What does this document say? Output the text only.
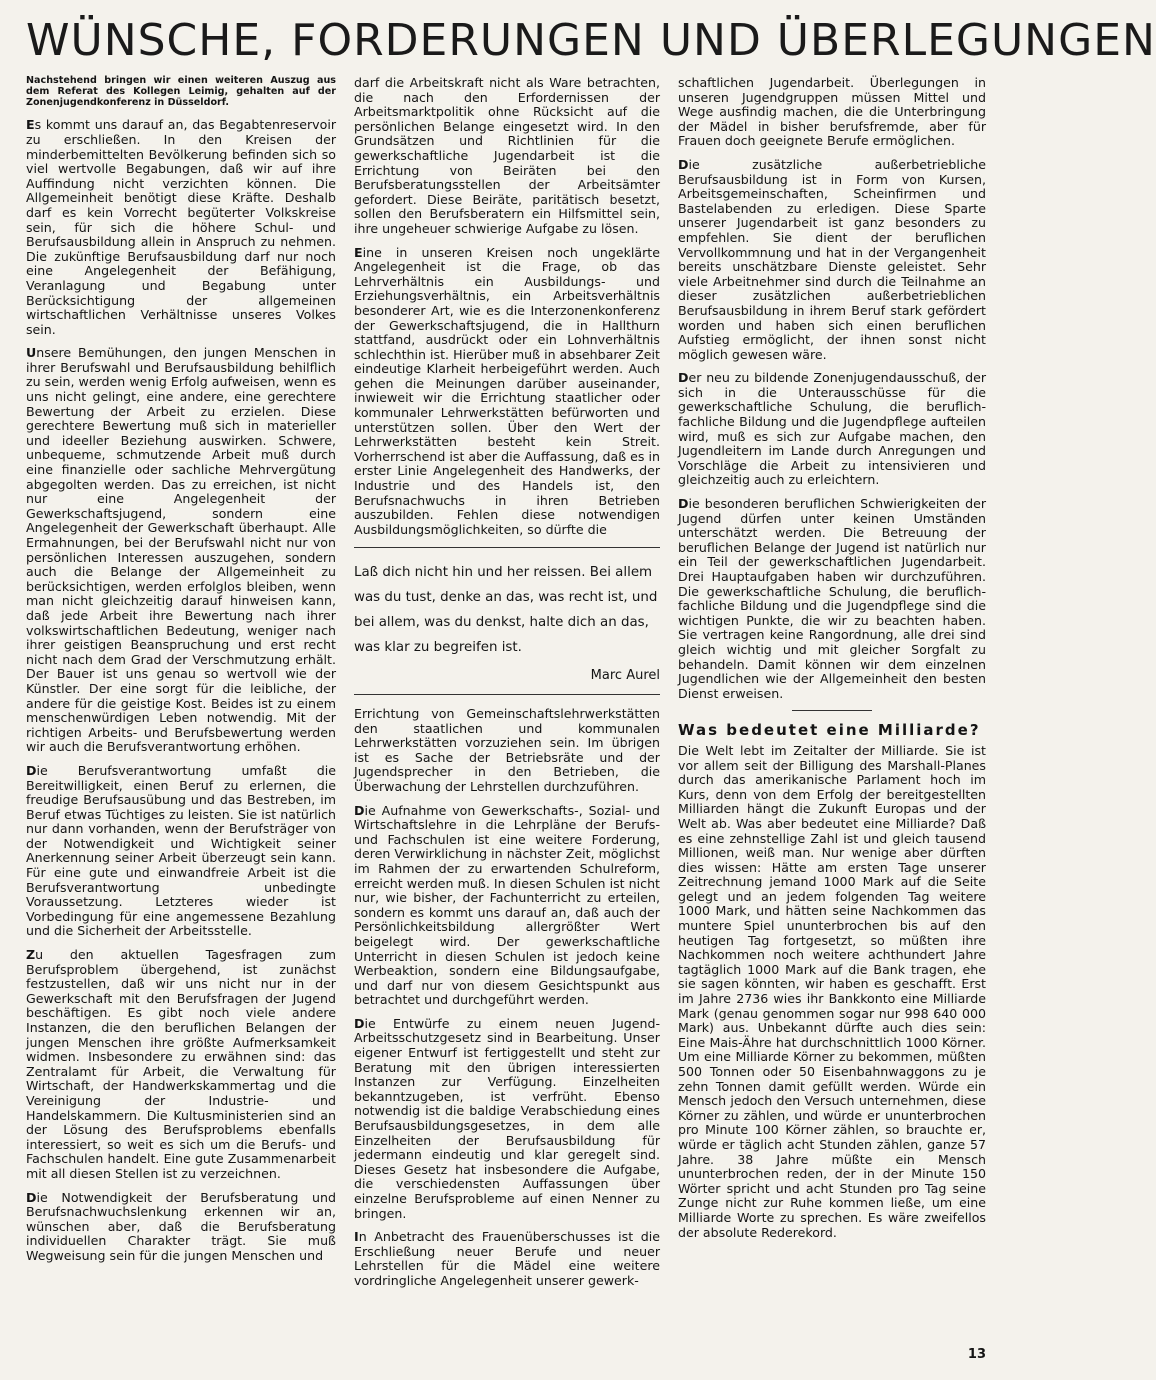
WÜNSCHE, FORDERUNGEN UND ÜBERLEGUNGEN

Nachstehend bringen wir einen weiteren Auszug aus dem Referat des Kollegen Leimig, gehalten auf der Zonenjugendkonferenz in Düsseldorf.

Es kommt uns darauf an, das Begabtenreservoir zu erschließen. In den Kreisen der minderbemittelten Bevölkerung befinden sich so viel wertvolle Begabungen, daß wir auf ihre Auffindung nicht verzichten können. Die Allgemeinheit benötigt diese Kräfte. Deshalb darf es kein Vorrecht begüterter Volkskreise sein, für sich die höhere Schul- und Berufsausbildung allein in Anspruch zu nehmen. Die zukünftige Berufsausbildung darf nur noch eine Angelegenheit der Befähigung, Veranlagung und Begabung unter Berücksichtigung der allgemeinen wirtschaftlichen Verhältnisse unseres Volkes sein.

Unsere Bemühungen, den jungen Menschen in ihrer Berufswahl und Berufsausbildung behilflich zu sein, werden wenig Erfolg aufweisen, wenn es uns nicht gelingt, eine andere, eine gerechtere Bewertung der Arbeit zu erzielen. Diese gerechtere Bewertung muß sich in materieller und ideeller Beziehung auswirken. Schwere, unbequeme, schmutzende Arbeit muß durch eine finanzielle oder sachliche Mehrvergütung abgegolten werden. Das zu erreichen, ist nicht nur eine Angelegenheit der Gewerkschaftsjugend, sondern eine Angelegenheit der Gewerkschaft überhaupt. Alle Ermahnungen, bei der Berufswahl nicht nur von persönlichen Interessen auszugehen, sondern auch die Belange der Allgemeinheit zu berücksichtigen, werden erfolglos bleiben, wenn man nicht gleichzeitig darauf hinweisen kann, daß jede Arbeit ihre Bewertung nach ihrer volkswirtschaftlichen Bedeutung, weniger nach ihrer geistigen Beanspruchung und erst recht nicht nach dem Grad der Verschmutzung erhält. Der Bauer ist uns genau so wertvoll wie der Künstler. Der eine sorgt für die leibliche, der andere für die geistige Kost. Beides ist zu einem menschenwürdigen Leben notwendig. Mit der richtigen Arbeits- und Berufsbewertung werden wir auch die Berufsverantwortung erhöhen.

Die Berufsverantwortung umfaßt die Bereitwilligkeit, einen Beruf zu erlernen, die freudige Berufsausübung und das Bestreben, im Beruf etwas Tüchtiges zu leisten. Sie ist natürlich nur dann vorhanden, wenn der Berufsträger von der Notwendigkeit und Wichtigkeit seiner Anerkennung seiner Arbeit überzeugt sein kann. Für eine gute und einwandfreie Arbeit ist die Berufsverantwortung unbedingte Voraussetzung. Letzteres wieder ist Vorbedingung für eine angemessene Bezahlung und die Sicherheit der Arbeitsstelle.

Zu den aktuellen Tagesfragen zum Berufsproblem übergehend, ist zunächst festzustellen, daß wir uns nicht nur in der Gewerkschaft mit den Berufsfragen der Jugend beschäftigen. Es gibt noch viele andere Instanzen, die den beruflichen Belangen der jungen Menschen ihre größte Aufmerksamkeit widmen. Insbesondere zu erwähnen sind: das Zentralamt für Arbeit, die Verwaltung für Wirtschaft, der Handwerkskammertag und die Vereinigung der Industrie- und Handelskammern. Die Kultusministerien sind an der Lösung des Berufsproblems ebenfalls interessiert, so weit es sich um die Berufs- und Fachschulen handelt. Eine gute Zusammenarbeit mit all diesen Stellen ist zu verzeichnen.

Die Notwendigkeit der Berufsberatung und Berufsnachwuchslenkung erkennen wir an, wünschen aber, daß die Berufsberatung individuellen Charakter trägt. Sie muß Wegweisung sein für die jungen Menschen und

darf die Arbeitskraft nicht als Ware betrachten, die nach den Erfordernissen der Arbeitsmarktpolitik ohne Rücksicht auf die persönlichen Belange eingesetzt wird. In den Grundsätzen und Richtlinien für die gewerkschaftliche Jugendarbeit ist die Errichtung von Beiräten bei den Berufsberatungsstellen der Arbeitsämter gefordert. Diese Beiräte, paritätisch besetzt, sollen den Berufsberatern ein Hilfsmittel sein, ihre ungeheuer schwierige Aufgabe zu lösen.

Eine in unseren Kreisen noch ungeklärte Angelegenheit ist die Frage, ob das Lehrverhältnis ein Ausbildungs- und Erziehungsverhältnis, ein Arbeitsverhältnis besonderer Art, wie es die Interzonenkonferenz der Gewerkschaftsjugend, die in Hallthurn stattfand, ausdrückt oder ein Lohnverhältnis schlechthin ist. Hierüber muß in absehbarer Zeit eindeutige Klarheit herbeigeführt werden. Auch gehen die Meinungen darüber auseinander, inwieweit wir die Errichtung staatlicher oder kommunaler Lehrwerkstätten befürworten und unterstützen sollen. Über den Wert der Lehrwerkstätten besteht kein Streit. Vorherrschend ist aber die Auffassung, daß es in erster Linie Angelegenheit des Handwerks, der Industrie und des Handels ist, den Berufsnachwuchs in ihren Betrieben auszubilden. Fehlen diese notwendigen Ausbildungsmöglichkeiten, so dürfte die

Laß dich nicht hin und her reissen. Bei allem was du tust, denke an das, was recht ist, und bei allem, was du denkst, halte dich an das, was klar zu begreifen ist.

Marc Aurel

Errichtung von Gemeinschaftslehrwerkstätten den staatlichen und kommunalen Lehrwerkstätten vorzuziehen sein. Im übrigen ist es Sache der Betriebsräte und der Jugendsprecher in den Betrieben, die Überwachung der Lehrstellen durchzuführen.

Die Aufnahme von Gewerkschafts-, Sozial- und Wirtschaftslehre in die Lehrpläne der Berufs- und Fachschulen ist eine weitere Forderung, deren Verwirklichung in nächster Zeit, möglichst im Rahmen der zu erwartenden Schulreform, erreicht werden muß. In diesen Schulen ist nicht nur, wie bisher, der Fachunterricht zu erteilen, sondern es kommt uns darauf an, daß auch der Persönlichkeitsbildung allergrößter Wert beigelegt wird. Der gewerkschaftliche Unterricht in diesen Schulen ist jedoch keine Werbeaktion, sondern eine Bildungsaufgabe, und darf nur von diesem Gesichtspunkt aus betrachtet und durchgeführt werden.

Die Entwürfe zu einem neuen Jugend-Arbeitsschutzgesetz sind in Bearbeitung. Unser eigener Entwurf ist fertiggestellt und steht zur Beratung mit den übrigen interessierten Instanzen zur Verfügung. Einzelheiten bekanntzugeben, ist verfrüht. Ebenso notwendig ist die baldige Verabschiedung eines Berufsausbildungsgesetzes, in dem alle Einzelheiten der Berufsausbildung für jedermann eindeutig und klar geregelt sind. Dieses Gesetz hat insbesondere die Aufgabe, die verschiedensten Auffassungen über einzelne Berufsprobleme auf einen Nenner zu bringen.

In Anbetracht des Frauenüberschusses ist die Erschließung neuer Berufe und neuer Lehrstellen für die Mädel eine weitere vordringliche Angelegenheit unserer gewerk-

schaftlichen Jugendarbeit. Überlegungen in unseren Jugendgruppen müssen Mittel und Wege ausfindig machen, die die Unterbringung der Mädel in bisher berufsfremde, aber für Frauen doch geeignete Berufe ermöglichen.

Die zusätzliche außerbetriebliche Berufsausbildung ist in Form von Kursen, Arbeitsgemeinschaften, Scheinfirmen und Bastelabenden zu erledigen. Diese Sparte unserer Jugendarbeit ist ganz besonders zu empfehlen. Sie dient der beruflichen Vervollkommnung und hat in der Vergangenheit bereits unschätzbare Dienste geleistet. Sehr viele Arbeitnehmer sind durch die Teilnahme an dieser zusätzlichen außerbetrieblichen Berufsausbildung in ihrem Beruf stark gefördert worden und haben sich einen beruflichen Aufstieg ermöglicht, der ihnen sonst nicht möglich gewesen wäre.

Der neu zu bildende Zonenjugendausschuß, der sich in die Unterausschüsse für die gewerkschaftliche Schulung, die beruflich-fachliche Bildung und die Jugendpflege aufteilen wird, muß es sich zur Aufgabe machen, den Jugendleitern im Lande durch Anregungen und Vorschläge die Arbeit zu intensivieren und gleichzeitig auch zu erleichtern.

Die besonderen beruflichen Schwierigkeiten der Jugend dürfen unter keinen Umständen unterschätzt werden. Die Betreuung der beruflichen Belange der Jugend ist natürlich nur ein Teil der gewerkschaftlichen Jugendarbeit. Drei Hauptaufgaben haben wir durchzuführen. Die gewerkschaftliche Schulung, die beruflich-fachliche Bildung und die Jugendpflege sind die wichtigen Punkte, die wir zu beachten haben. Sie vertragen keine Rangordnung, alle drei sind gleich wichtig und mit gleicher Sorgfalt zu behandeln. Damit können wir dem einzelnen Jugendlichen wie der Allgemeinheit den besten Dienst erweisen.

Was bedeutet eine Milliarde?

Die Welt lebt im Zeitalter der Milliarde. Sie ist vor allem seit der Billigung des Marshall-Planes durch das amerikanische Parlament hoch im Kurs, denn von dem Erfolg der bereitgestellten Milliarden hängt die Zukunft Europas und der Welt ab. Was aber bedeutet eine Milliarde? Daß es eine zehnstellige Zahl ist und gleich tausend Millionen, weiß man. Nur wenige aber dürften dies wissen: Hätte am ersten Tage unserer Zeitrechnung jemand 1000 Mark auf die Seite gelegt und an jedem folgenden Tag weitere 1000 Mark, und hätten seine Nachkommen das muntere Spiel ununterbrochen bis auf den heutigen Tag fortgesetzt, so müßten ihre Nachkommen noch weitere achthundert Jahre tagtäglich 1000 Mark auf die Bank tragen, ehe sie sagen könnten, wir haben es geschafft. Erst im Jahre 2736 wies ihr Bankkonto eine Milliarde Mark (genau genommen sogar nur 998 640 000 Mark) aus. Unbekannt dürfte auch dies sein: Eine Mais-Ähre hat durchschnittlich 1000 Körner. Um eine Milliarde Körner zu bekommen, müßten 500 Tonnen oder 50 Eisenbahnwaggons zu je zehn Tonnen damit gefüllt werden. Würde ein Mensch jedoch den Versuch unternehmen, diese Körner zu zählen, und würde er ununterbrochen pro Minute 100 Körner zählen, so brauchte er, würde er täglich acht Stunden zählen, ganze 57 Jahre. 38 Jahre müßte ein Mensch ununterbrochen reden, der in der Minute 150 Wörter spricht und acht Stunden pro Tag seine Zunge nicht zur Ruhe kommen ließe, um eine Milliarde Worte zu sprechen. Es wäre zweifellos der absolute Rederekord.

13
